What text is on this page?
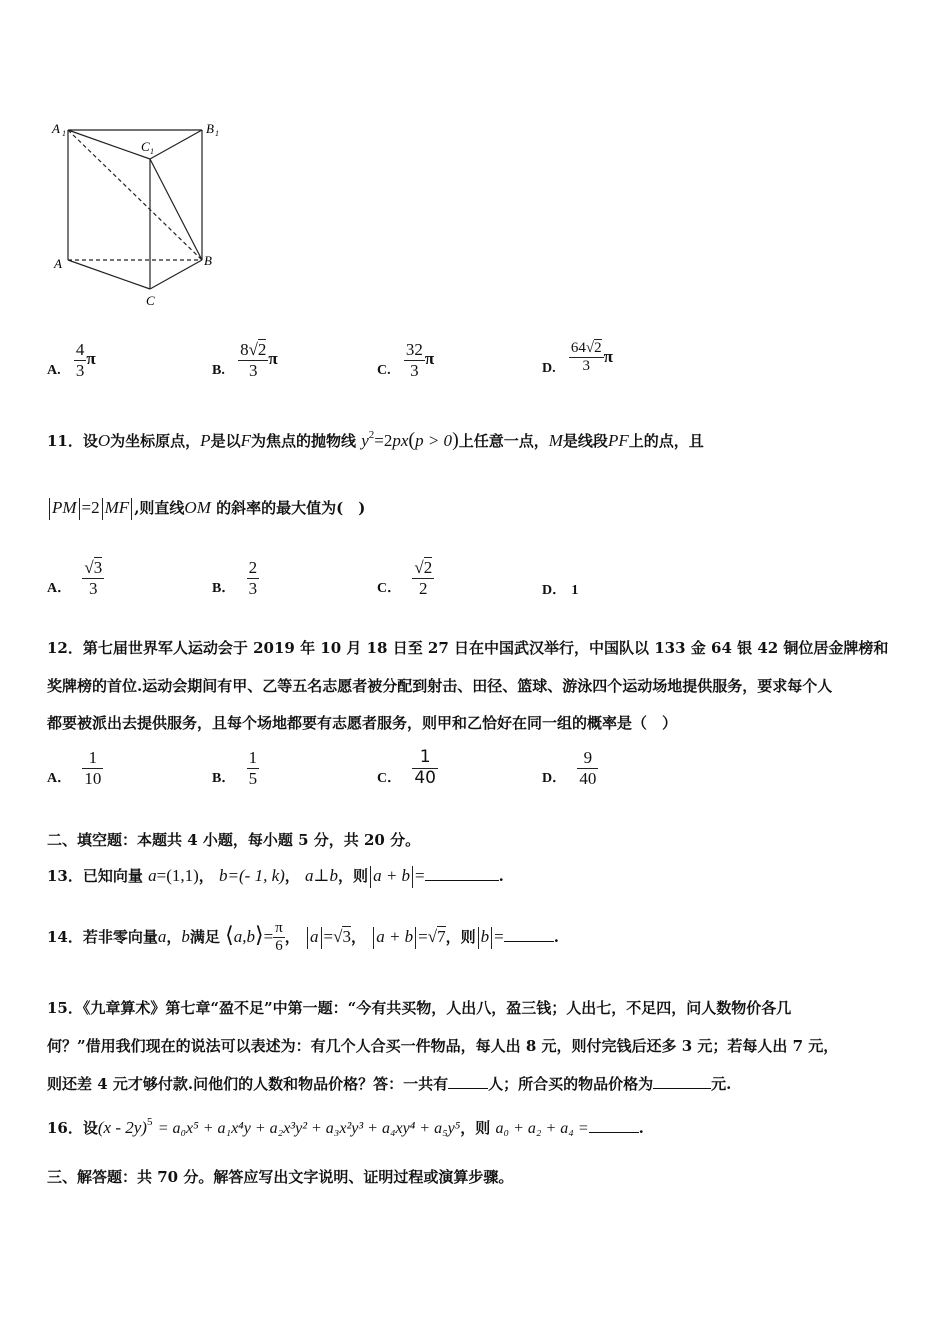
A 1	B 1
C 1
A	B
C
A. $\frac{4}{3}$ π
B. $\frac{8√2}{3}$ π
C. $\frac{32}{3}$ π
D. $\frac{64√2}{3}$ π
11．设O为坐标原点，P是以F为焦点的抛物线 $y^2=2px(p > 0)$上任意一点，M是线段PF上的点，且
PM =2 MF ,则直线OM 的斜率的最大值为(　)
A． $\frac{√3}{3}$	B． $\frac{2}{3}$	C． $\frac{√2}{2}$	D． 1
12．第七届世界军人运动会于 2019 年 10 月 18 日至 27 日在中国武汉举行，中国队以 133 金 64 银 42 铜位居金牌榜和
奖牌榜的首位.运动会期间有甲、乙等五名志愿者被分配到射击、田径、篮球、游泳四个运动场地提供服务，要求每个人
都要被派出去提供服务，且每个场地都要有志愿者服务，则甲和乙恰好在同一组的概率是（　）
A． $\frac{1}{10}$	B． $\frac{1}{5}$	C． $\frac{1}{40}$	D． $\frac{9}{40}$
二、填空题：本题共 4 小题，每小题 5 分，共 20 分。
13．已知向量 a=(1,1)， b=(- 1, k)， a⊥b，则 a + b =	.
14．若非零向量a，b满足 ⟨a,b⟩= $\frac{\pi}{6}$ ， a =√3， a + b =√7，则 b =	.
15．《九章算术》第七章“盈不足”中第一题：“今有共买物，人出八，盈三钱；人出七，不足四，问人数物价各几
何？”借用我们现在的说法可以表述为：有几个人合买一件物品，每人出 8 元，则付完钱后还多 3 元；若每人出 7 元，
则还差 4 元才够付款.问他们的人数和物品价格？答：一共有	人；所合买的物品价格为	元.
16．设(x - 2y)$^5$ = a₀x⁵ + a₁x⁴y + a₂x³y² + a₃x²y³ + a₄xy⁴ + a₅y⁵，则 a₀ + a₂ + a₄ =	.
三、解答题：共 70 分。解答应写出文字说明、证明过程或演算步骤。
